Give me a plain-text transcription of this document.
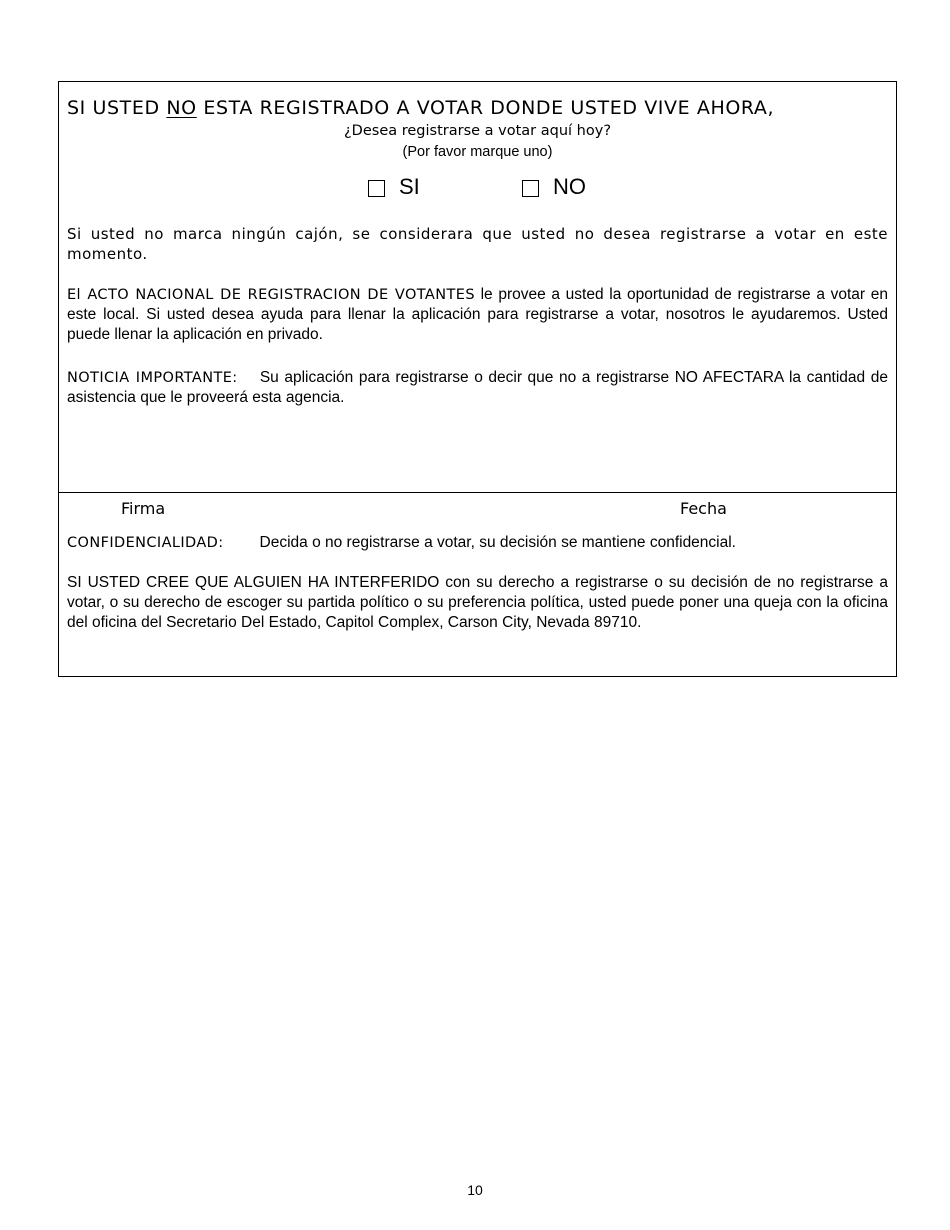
SI USTED NO ESTA REGISTRADO A VOTAR DONDE USTED VIVE AHORA,
¿Desea registrarse a votar aquí hoy?
(Por favor marque uno)
SI	NO
Si usted no marca ningún cajón, se considerara que usted no desea registrarse a votar en este momento.
El ACTO NACIONAL DE REGISTRACION DE VOTANTES le provee a usted la oportunidad de registrarse a votar en este local. Si usted desea ayuda para llenar la aplicación para registrarse a votar, nosotros le ayudaremos. Usted puede llenar la aplicación en privado.
NOTICIA IMPORTANTE: Su aplicación para registrarse o decir que no a registrarse NO AFECTARA la cantidad de asistencia que le proveerá esta agencia.
Firma	Fecha
CONFIDENCIALIDAD: Decida o no registrarse a votar, su decisión se mantiene confidencial.
SI USTED CREE QUE ALGUIEN HA INTERFERIDO con su derecho a registrarse o su decisión de no registrarse a votar, o su derecho de escoger su partida político o su preferencia política, usted puede poner una queja con la oficina del oficina del Secretario Del Estado, Capitol Complex, Carson City, Nevada 89710.
10
